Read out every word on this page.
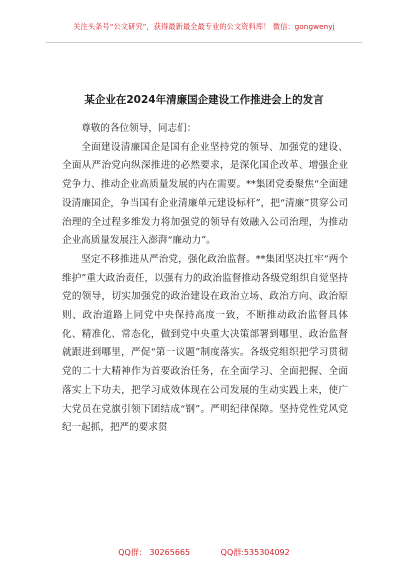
关注头条号“公文研究”，获得最新最全最专业的公文资料库！ 微信：gongwenyj
某企业在2024年清廉国企建设工作推进会上的发言

尊敬的各位领导，同志们：

全面建设清廉国企是国有企业坚持党的领导、加强党的建设、全面从严治党向纵深推进的必然要求，是深化国企改革、增强企业党争力、推动企业高质量发展的内在需要。**集团党委聚焦“全面建设清廉国企，争当国有企业清廉单元建设标杆”，把“清廉”贯穿公司治理的全过程多维发力将加强党的领导有效融入公司治理，为推动企业高质量发展注入澎湃“廉动力”。

坚定不移推进从严治党，强化政治监督。**集团坚决扛牢“两个维护”重大政治责任，以强有力的政治监督推动各级党组织自觉坚持党的领导，切实加强党的政治建设在政治立场、政治方向、政治原则、政治道路上同党中央保持高度一致，不断推动政治监督具体化、精准化、常态化，做到党中央重大决策部署到哪里、政治监督就跟进到哪里，严促“第一议题”制度落实。各级党组织把学习贯彻党的二十大精神作为首要政治任务，在全面学习、全面把握、全面落实上下功夫，把学习成效体现在公司发展的生动实践上来，使广大党员在党旗引领下团结成“钢”。严明纪律保障。坚持党性党风党纪一起抓，把严的要求贯

QQ群： 30265665	QQ群:535304092
